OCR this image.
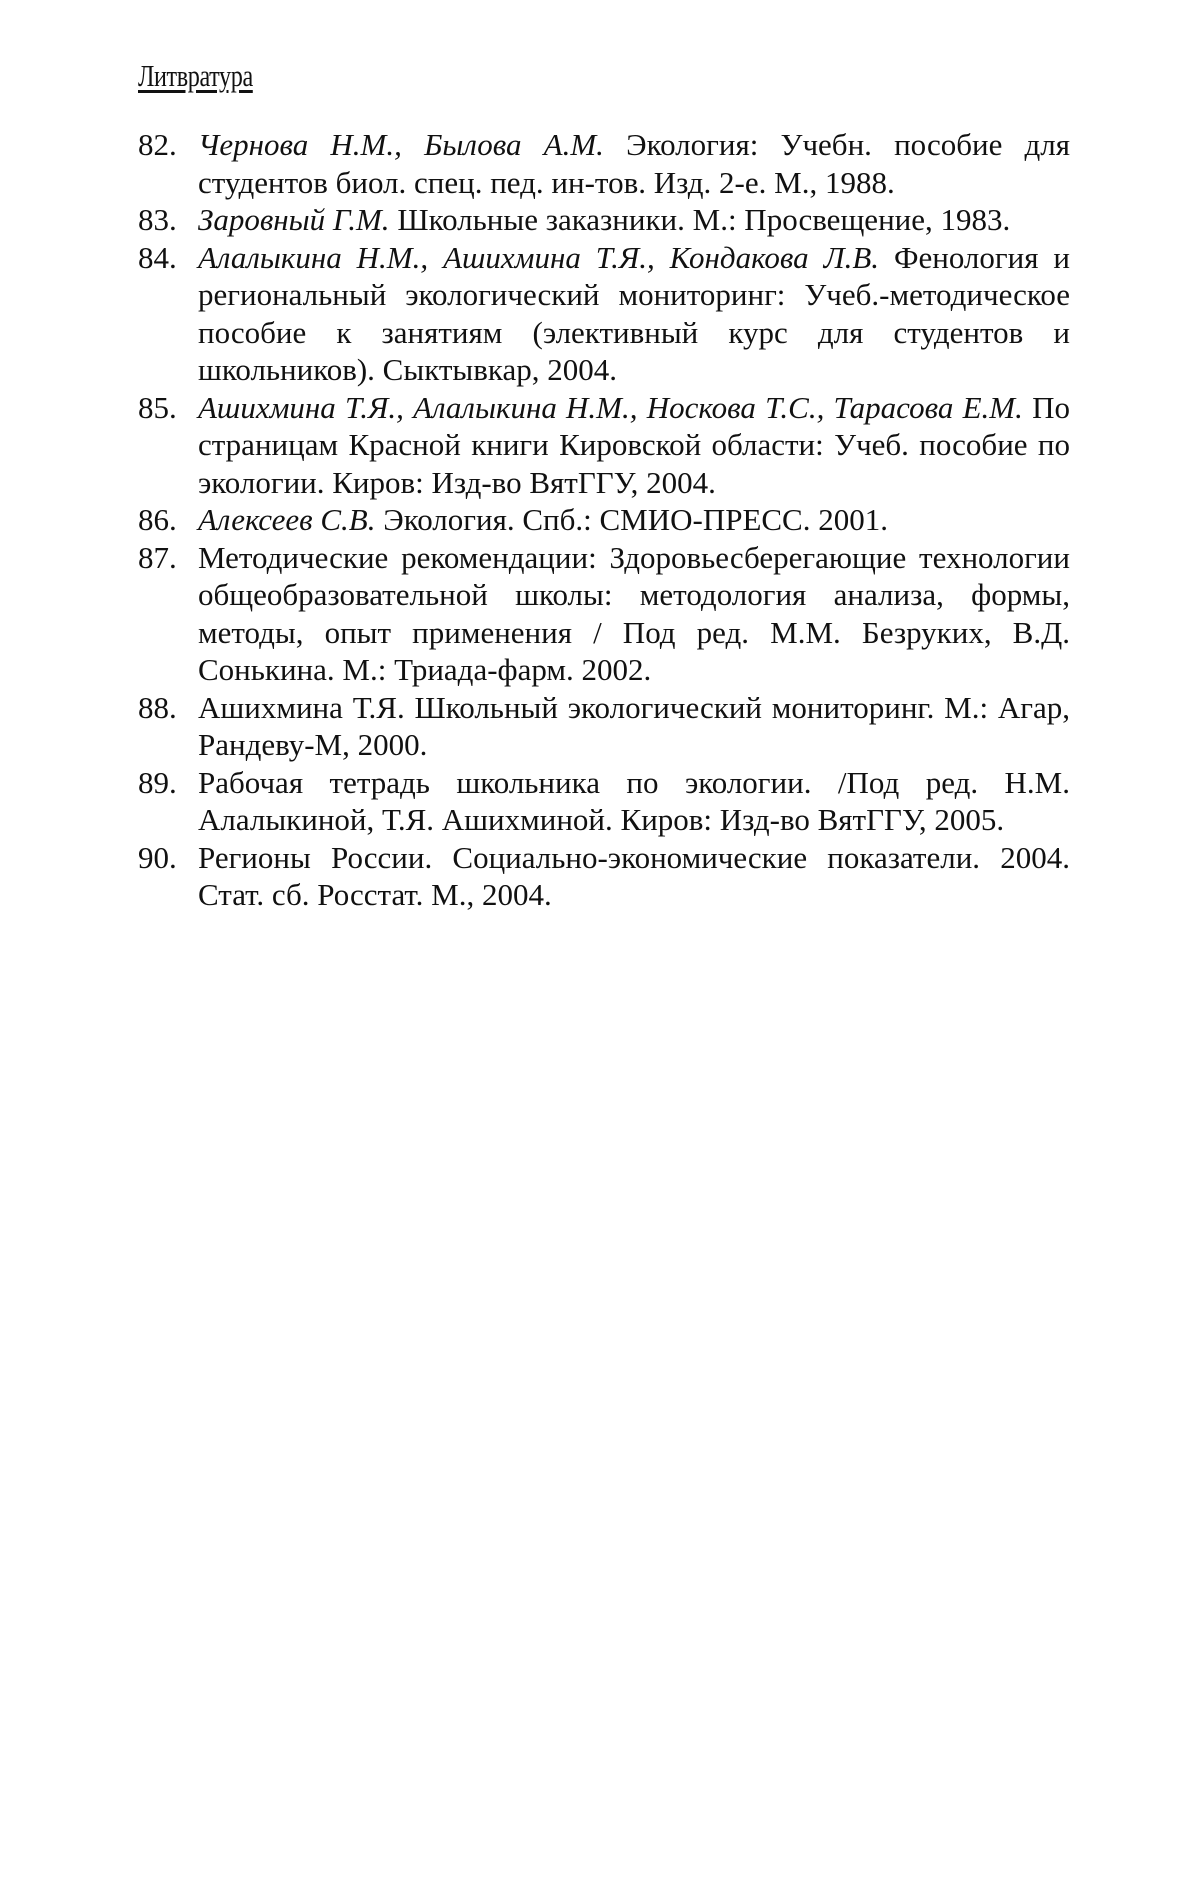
Литвратура
82. Чернова Н.М., Былова А.М. Экология: Учебн. пособие для студентов биол. спец. пед. ин-тов. Изд. 2-е. М., 1988.
83. Заровный Г.М. Школьные заказники. М.: Просвещение, 1983.
84. Алалыкина Н.М., Ашихмина Т.Я., Кондакова Л.В. Фенология и региональный экологический мониторинг: Учеб.-методическое пособие к занятиям (элективный курс для студентов и школьников). Сыктывкар, 2004.
85. Ашихмина Т.Я., Алалыкина Н.М., Носкова Т.С., Тарасова Е.М. По страницам Красной книги Кировской области: Учеб. пособие по экологии. Киров: Изд-во ВятГГУ, 2004.
86. Алексеев С.В. Экология. Спб.: СМИО-ПРЕСС. 2001.
87. Методические рекомендации: Здоровьесберегающие технологии общеобразовательной школы: методология анализа, формы, методы, опыт применения / Под ред. М.М. Безруких, В.Д. Сонькина. М.: Триада-фарм. 2002.
88. Ашихмина Т.Я. Школьный экологический мониторинг. М.: Агар, Рандеву-М, 2000.
89. Рабочая тетрадь школьника по экологии. /Под ред. Н.М. Алалыкиной, Т.Я. Ашихминой. Киров: Изд-во ВятГГУ, 2005.
90. Регионы России. Социально-экономические показатели. 2004. Стат. сб. Росстат. М., 2004.
